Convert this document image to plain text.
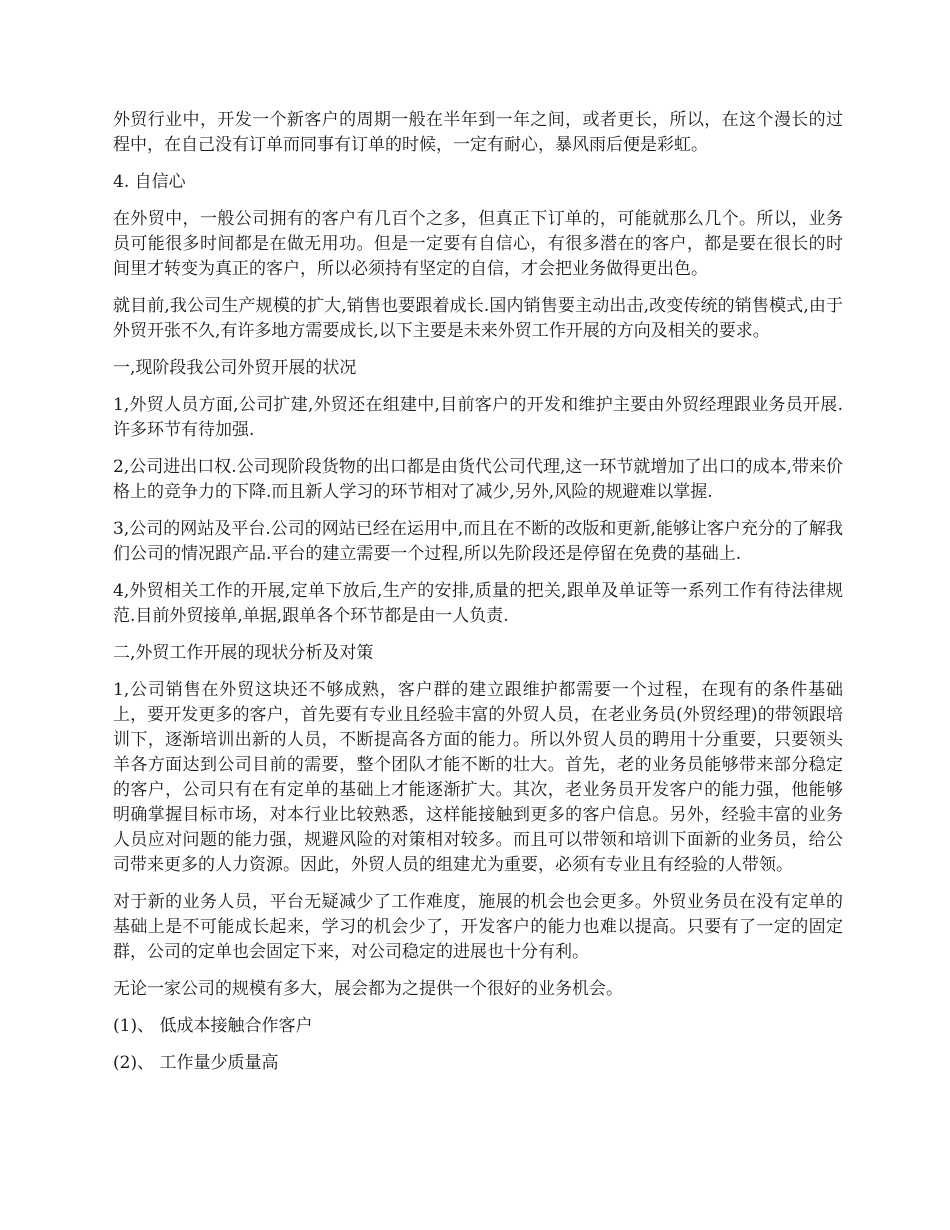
外贸行业中，开发一个新客户的周期一般在半年到一年之间，或者更长，所以，在这个漫长的过程中，在自己没有订单而同事有订单的时候，一定有耐心，暴风雨后便是彩虹。

4. 自信心

在外贸中，一般公司拥有的客户有几百个之多，但真正下订单的，可能就那么几个。所以，业务员可能很多时间都是在做无用功。但是一定要有自信心，有很多潜在的客户，都是要在很长的时间里才转变为真正的客户，所以必须持有坚定的自信，才会把业务做得更出色。

就目前,我公司生产规模的扩大,销售也要跟着成长.国内销售要主动出击,改变传统的销售模式,由于外贸开张不久,有许多地方需要成长,以下主要是未来外贸工作开展的方向及相关的要求。

一,现阶段我公司外贸开展的状况

1,外贸人员方面,公司扩建,外贸还在组建中,目前客户的开发和维护主要由外贸经理跟业务员开展.许多环节有待加强.

2,公司进出口权.公司现阶段货物的出口都是由货代公司代理,这一环节就增加了出口的成本,带来价格上的竞争力的下降.而且新人学习的环节相对了减少,另外,风险的规避难以掌握.

3,公司的网站及平台.公司的网站已经在运用中,而且在不断的改版和更新,能够让客户充分的了解我们公司的情况跟产品.平台的建立需要一个过程,所以先阶段还是停留在免费的基础上.

4,外贸相关工作的开展,定单下放后,生产的安排,质量的把关,跟单及单证等一系列工作有待法律规范.目前外贸接单,单据,跟单各个环节都是由一人负责.

二,外贸工作开展的现状分析及对策

1,公司销售在外贸这块还不够成熟，客户群的建立跟维护都需要一个过程，在现有的条件基础上，要开发更多的客户，首先要有专业且经验丰富的外贸人员，在老业务员(外贸经理)的带领跟培训下，逐渐培训出新的人员，不断提高各方面的能力。所以外贸人员的聘用十分重要，只要领头羊各方面达到公司目前的需要，整个团队才能不断的壮大。首先，老的业务员能够带来部分稳定的客户，公司只有在有定单的基础上才能逐渐扩大。其次，老业务员开发客户的能力强，他能够明确掌握目标市场，对本行业比较熟悉，这样能接触到更多的客户信息。另外，经验丰富的业务人员应对问题的能力强，规避风险的对策相对较多。而且可以带领和培训下面新的业务员，给公司带来更多的人力资源。因此，外贸人员的组建尤为重要，必须有专业且有经验的人带领。

对于新的业务人员，平台无疑减少了工作难度，施展的机会也会更多。外贸业务员在没有定单的基础上是不可能成长起来，学习的机会少了，开发客户的能力也难以提高。只要有了一定的固定群，公司的定单也会固定下来，对公司稳定的进展也十分有利。

无论一家公司的规模有多大，展会都为之提供一个很好的业务机会。

(1)、 低成本接触合作客户

(2)、 工作量少质量高
